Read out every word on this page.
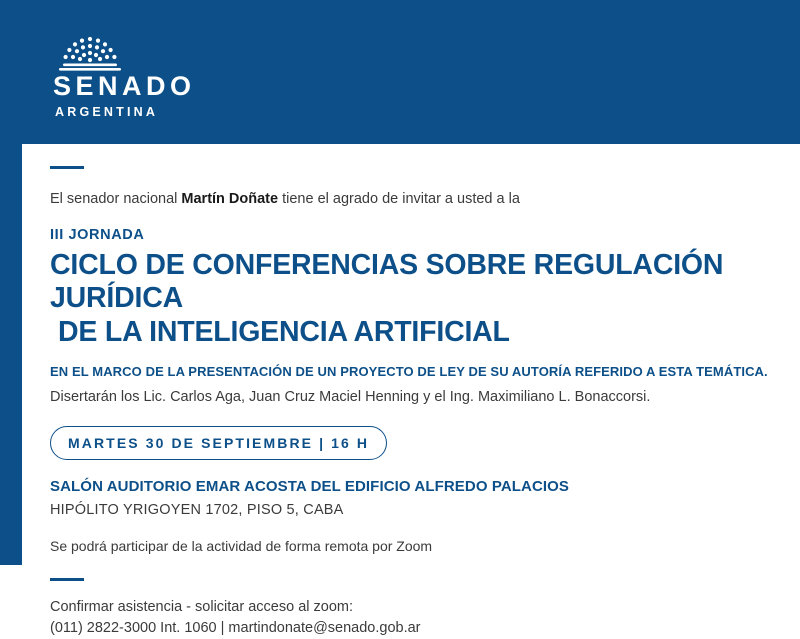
SENADO
ARGENTINA

El senador nacional Martín Doñate tiene el agrado de invitar a usted a la

III JORNADA
CICLO DE CONFERENCIAS SOBRE REGULACIÓN JURÍDICA
DE LA INTELIGENCIA ARTIFICIAL
EN EL MARCO DE LA PRESENTACIÓN DE UN PROYECTO DE LEY DE SU AUTORÍA REFERIDO A ESTA TEMÁTICA.
Disertarán los Lic. Carlos Aga, Juan Cruz Maciel Henning y el Ing. Maximiliano L. Bonaccorsi.
MARTES 30 DE SEPTIEMBRE | 16 H
SALÓN AUDITORIO EMAR ACOSTA DEL EDIFICIO ALFREDO PALACIOS
HIPÓLITO YRIGOYEN 1702, PISO 5, CABA
Se podrá participar de la actividad de forma remota por Zoom
Confirmar asistencia - solicitar acceso al zoom:
(011) 2822-3000 Int. 1060 | martindonate@senado.gob.ar
